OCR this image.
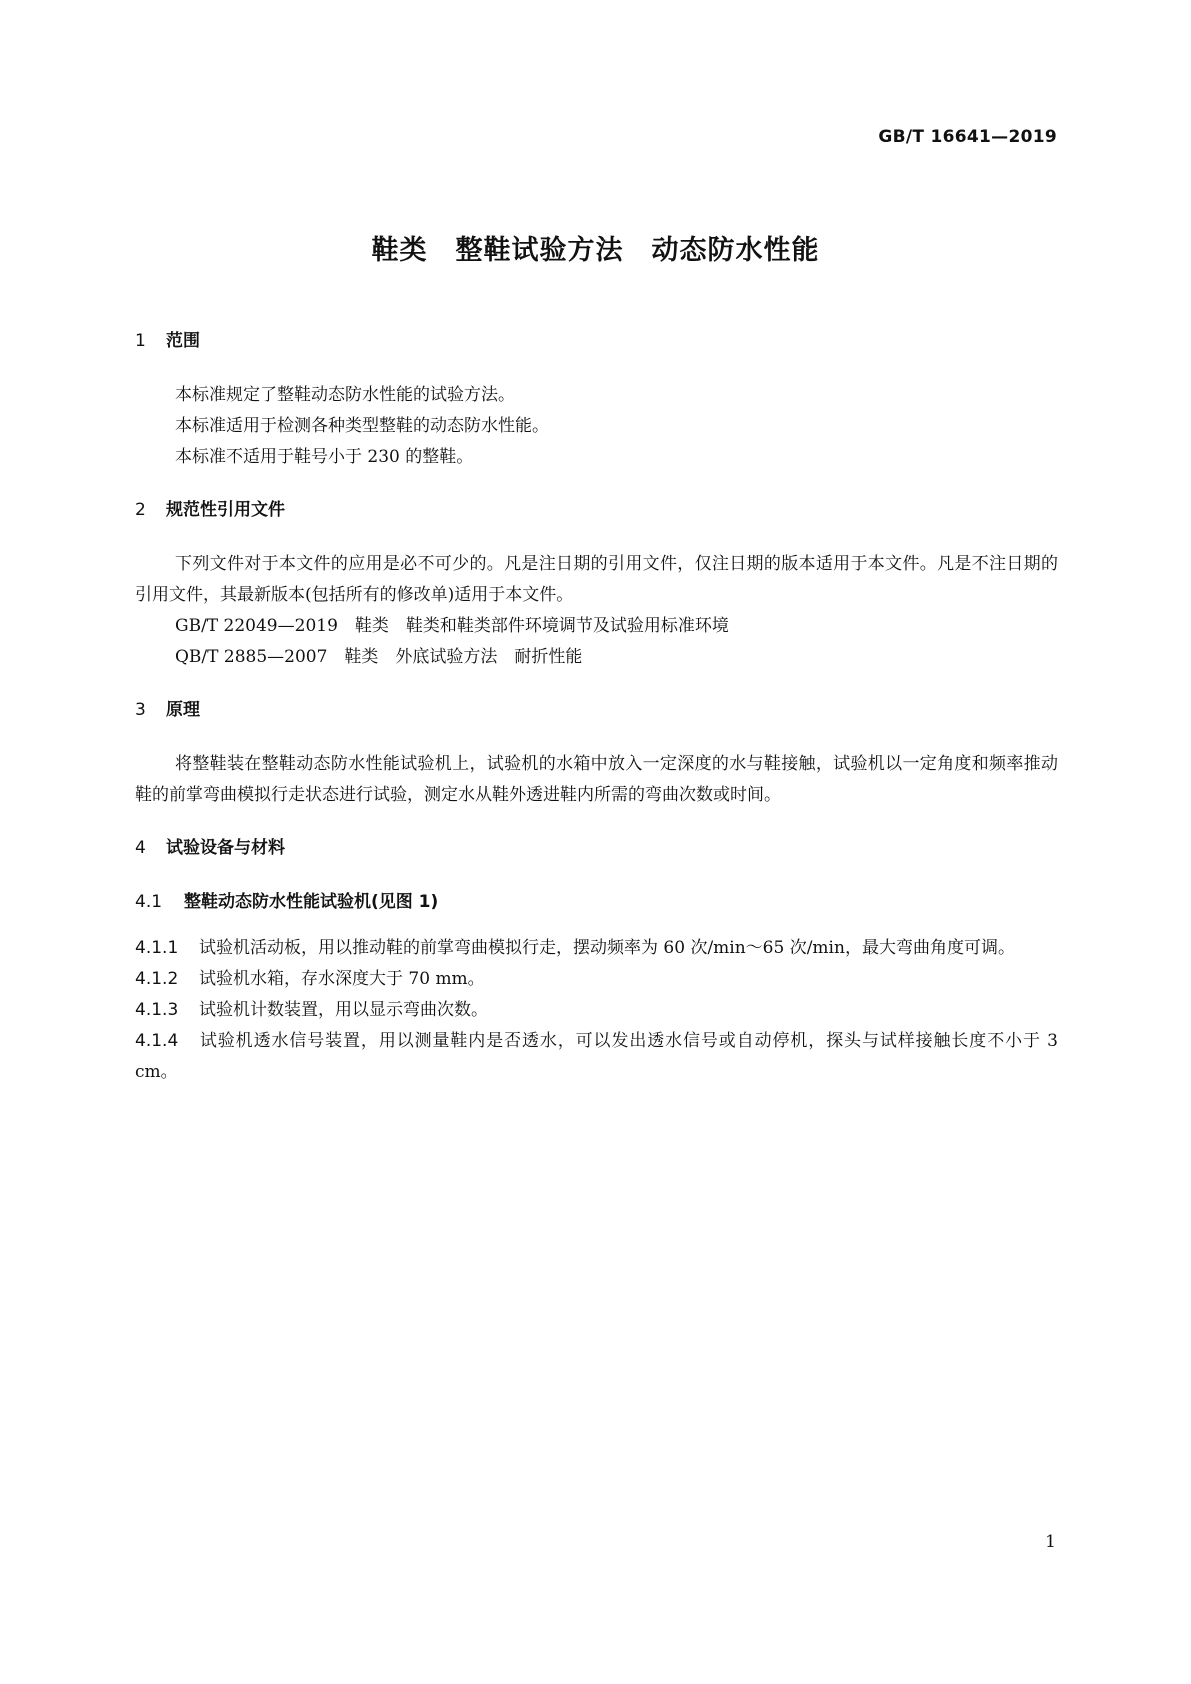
GB/T 16641—2019
鞋类　整鞋试验方法　动态防水性能
1 范围

本标准规定了整鞋动态防水性能的试验方法。

本标准适用于检测各种类型整鞋的动态防水性能。

本标准不适用于鞋号小于 230 的整鞋。

2 规范性引用文件

下列文件对于本文件的应用是必不可少的。凡是注日期的引用文件，仅注日期的版本适用于本文件。凡是不注日期的引用文件，其最新版本(包括所有的修改单)适用于本文件。

GB/T 22049—2019　鞋类　鞋类和鞋类部件环境调节及试验用标准环境
QB/T 2885—2007　鞋类　外底试验方法　耐折性能
3 原理

将整鞋装在整鞋动态防水性能试验机上，试验机的水箱中放入一定深度的水与鞋接触，试验机以一定角度和频率推动鞋的前掌弯曲模拟行走状态进行试验，测定水从鞋外透进鞋内所需的弯曲次数或时间。

4 试验设备与材料
4.1 整鞋动态防水性能试验机(见图 1)

4.1.1 试验机活动板，用以推动鞋的前掌弯曲模拟行走，摆动频率为 60 次/min～65 次/min，最大弯曲角度可调。

4.1.2 试验机水箱，存水深度大于 70 mm。

4.1.3 试验机计数装置，用以显示弯曲次数。

4.1.4 试验机透水信号装置，用以测量鞋内是否透水，可以发出透水信号或自动停机，探头与试样接触长度不小于 3 cm。

1
